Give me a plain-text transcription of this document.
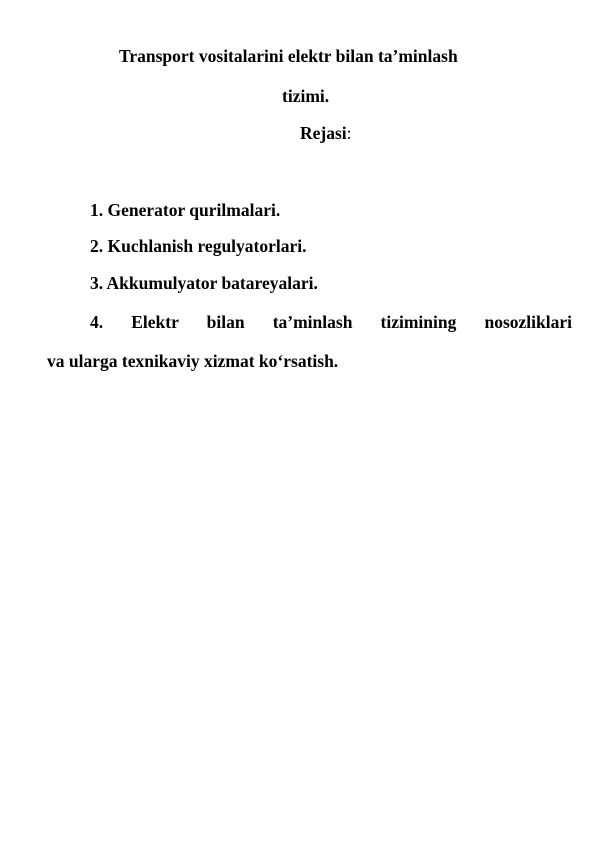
Transport vositalarini elektr bilan ta’minlash
tizimi.
Rejasi:
1. Generator qurilmalari.
2. Kuchlanish regulyatorlari.
3. Akkumulyator batareyalari.
4. Elektr bilan ta’minlash tizimining nosozliklari
va ularga texnikaviy xizmat ko‘rsatish.
